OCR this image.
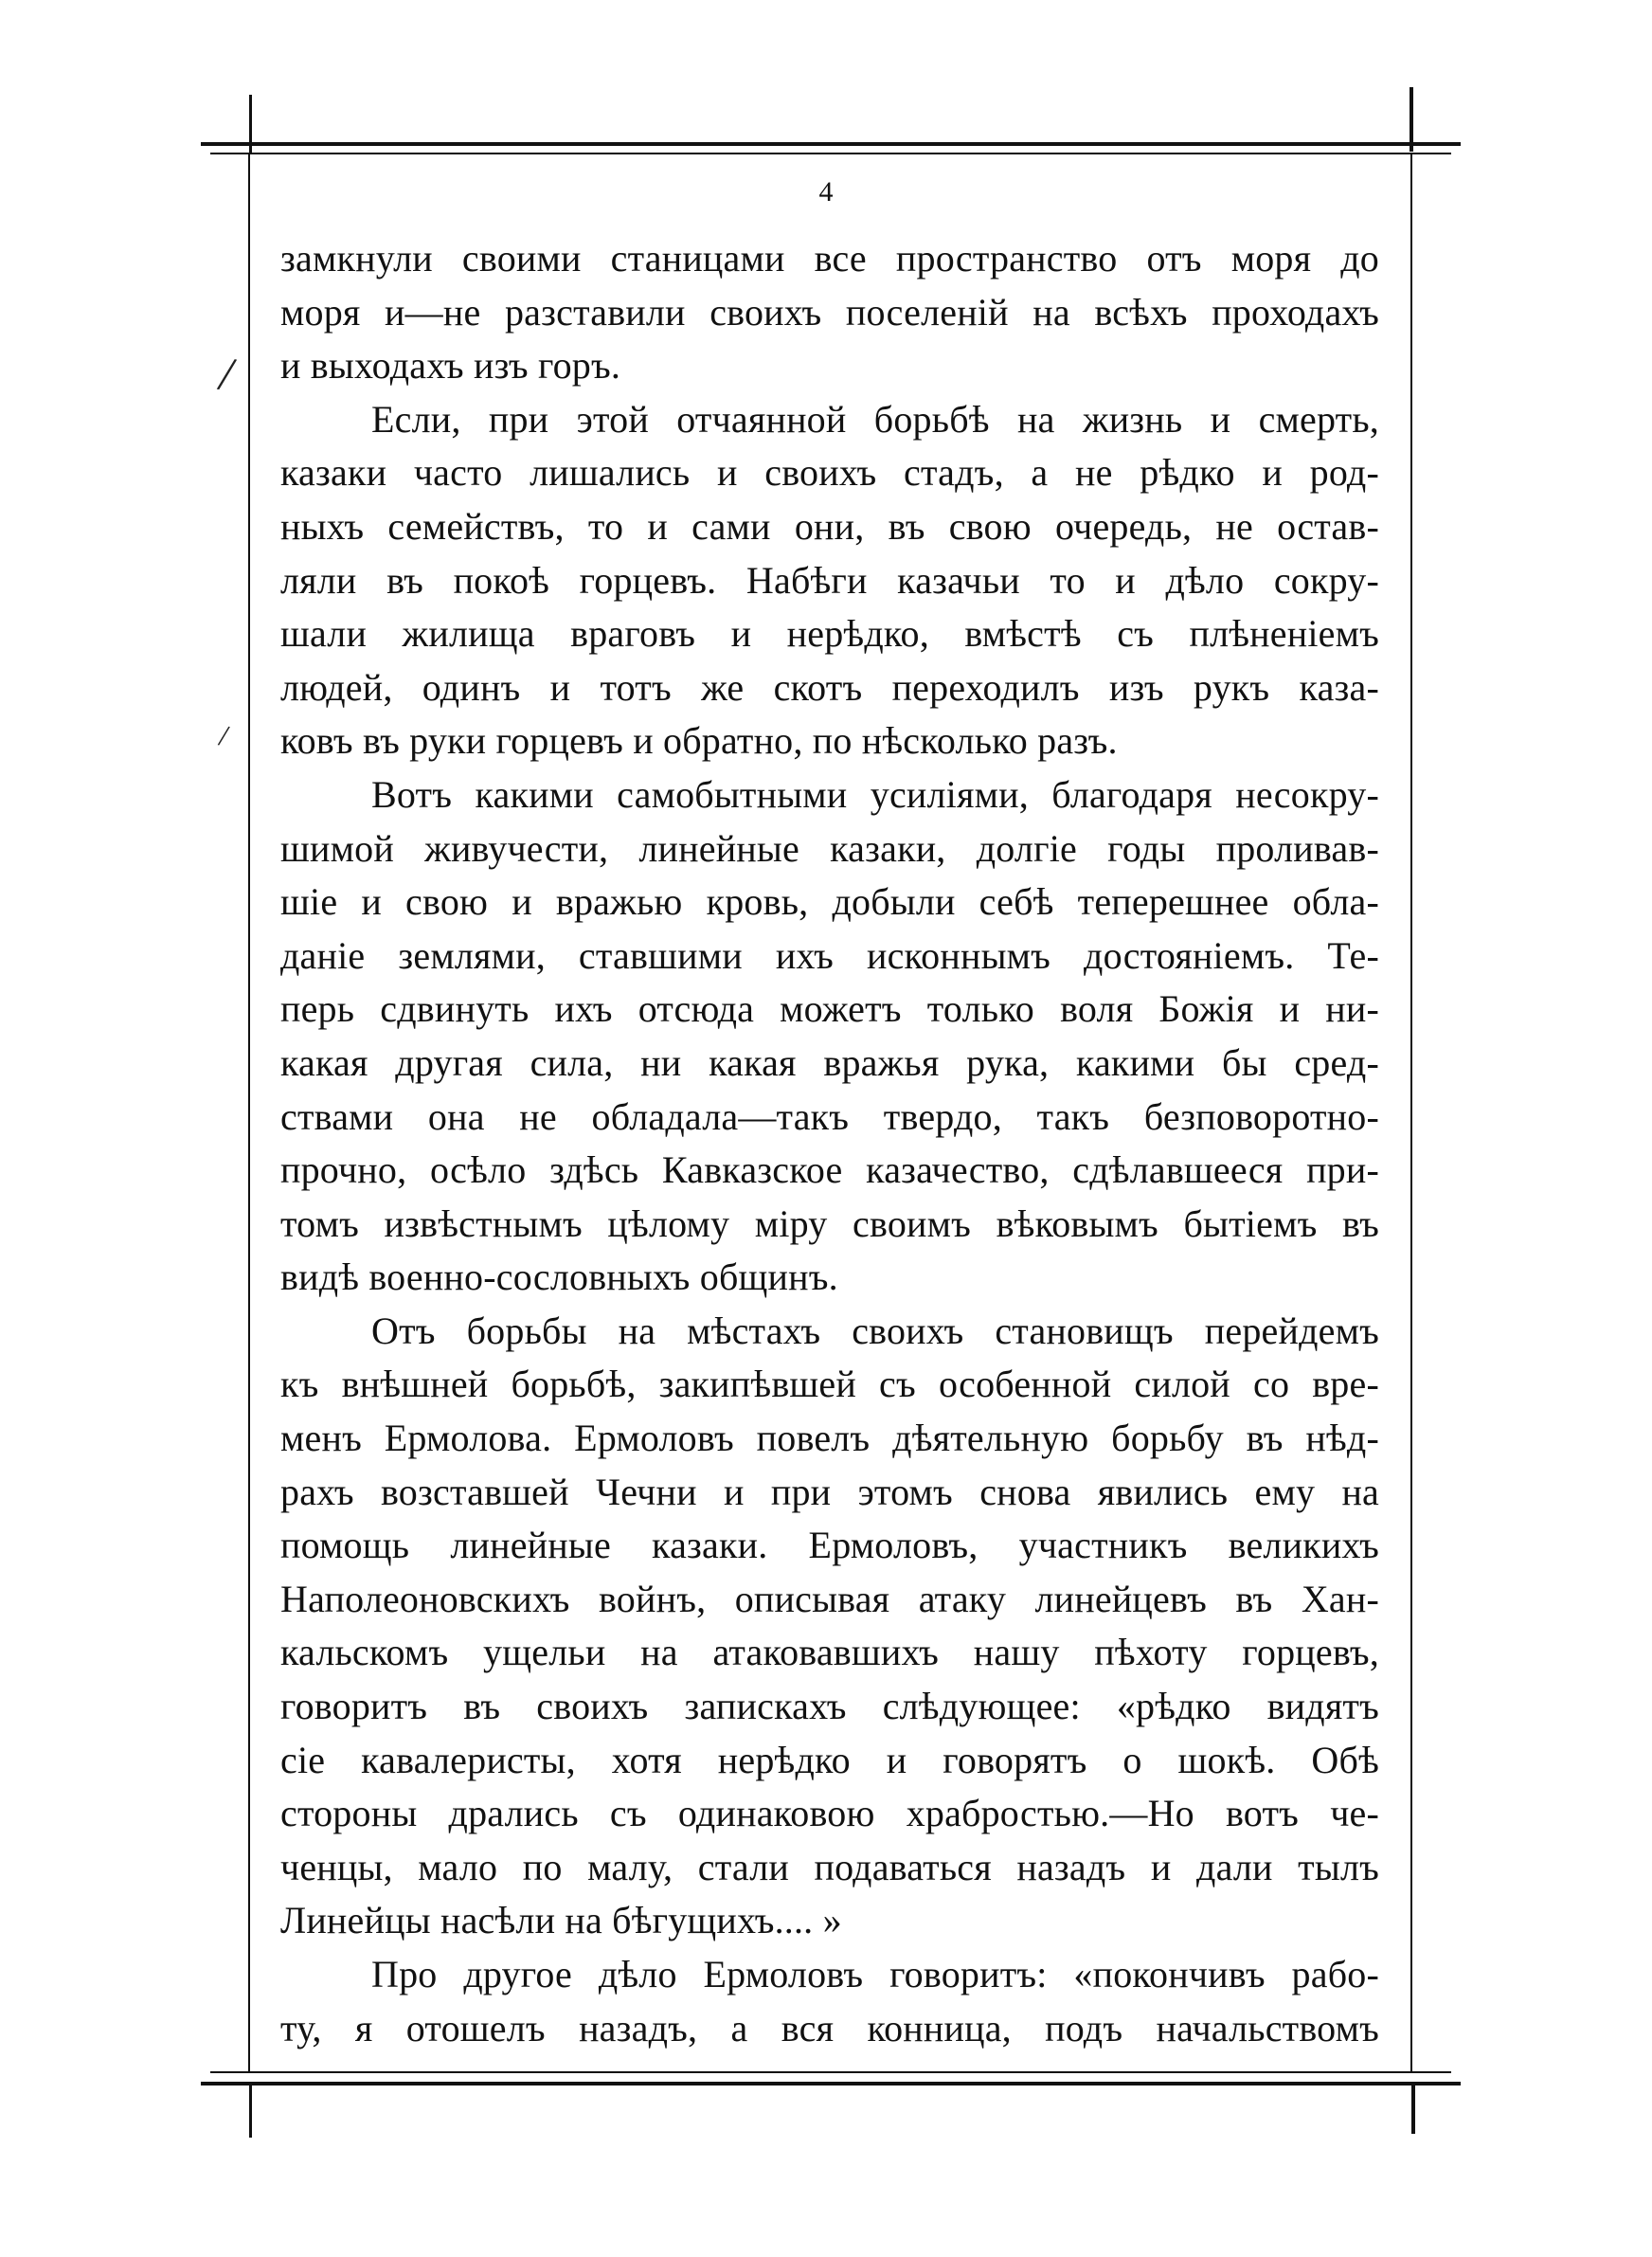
/
/
4
замкнули своими станицами все пространство отъ моря до
моря и—не разставили своихъ поселеній на всѣхъ проходахъ
и выходахъ изъ горъ.
Если, при этой отчаянной борьбѣ на жизнь и смерть,
казаки часто лишались и своихъ стадъ, а не рѣдко и род-
ныхъ семействъ, то и сами они, въ свою очередь, не остав-
ляли въ покоѣ горцевъ. Набѣги казачьи то и дѣло сокру-
шали жилища враговъ и нерѣдко, вмѣстѣ съ плѣненіемъ
людей, одинъ и тотъ же скотъ переходилъ изъ рукъ каза-
ковъ въ руки горцевъ и обратно, по нѣсколько разъ.
Вотъ какими самобытными усиліями, благодаря несокру-
шимой живучести, линейные казаки, долгіе годы проливав-
шіе и свою и вражью кровь, добыли себѣ теперешнее обла-
даніе землями, ставшими ихъ исконнымъ достояніемъ. Те-
перь сдвинуть ихъ отсюда можетъ только воля Божія и ни-
какая другая сила, ни какая вражья рука, какими бы сред-
ствами она не обладала—такъ твердо, такъ безповоротно-
прочно, осѣло здѣсь Кавказское казачество, сдѣлавшееся при-
томъ извѣстнымъ цѣлому міру своимъ вѣковымъ бытіемъ въ
видѣ военно-сословныхъ общинъ.
Отъ борьбы на мѣстахъ своихъ становищъ перейдемъ
къ внѣшней борьбѣ, закипѣвшей съ особенной силой со вре-
менъ Ермолова. Ермоловъ повелъ дѣятельную борьбу въ нѣд-
рахъ возставшей Чечни и при этомъ снова явились ему на
помощь линейные казаки. Ермоловъ, участникъ великихъ
Наполеоновскихъ войнъ, описывая атаку линейцевъ въ Хан-
кальскомъ ущельи на атаковавшихъ нашу пѣхоту горцевъ,
говоритъ въ своихъ запискахъ слѣдующее: «рѣдко видятъ
сіе кавалеристы, хотя нерѣдко и говорятъ о шокѣ. Обѣ
стороны дрались съ одинаковою храбростью.—Но вотъ че-
ченцы, мало по малу, стали подаваться назадъ и дали тылъ
Линейцы насѣли на бѣгущихъ.... »
Про другое дѣло Ермоловъ говоритъ: «покончивъ рабо-
ту, я отошелъ назадъ, а вся конница, подъ начальствомъ
